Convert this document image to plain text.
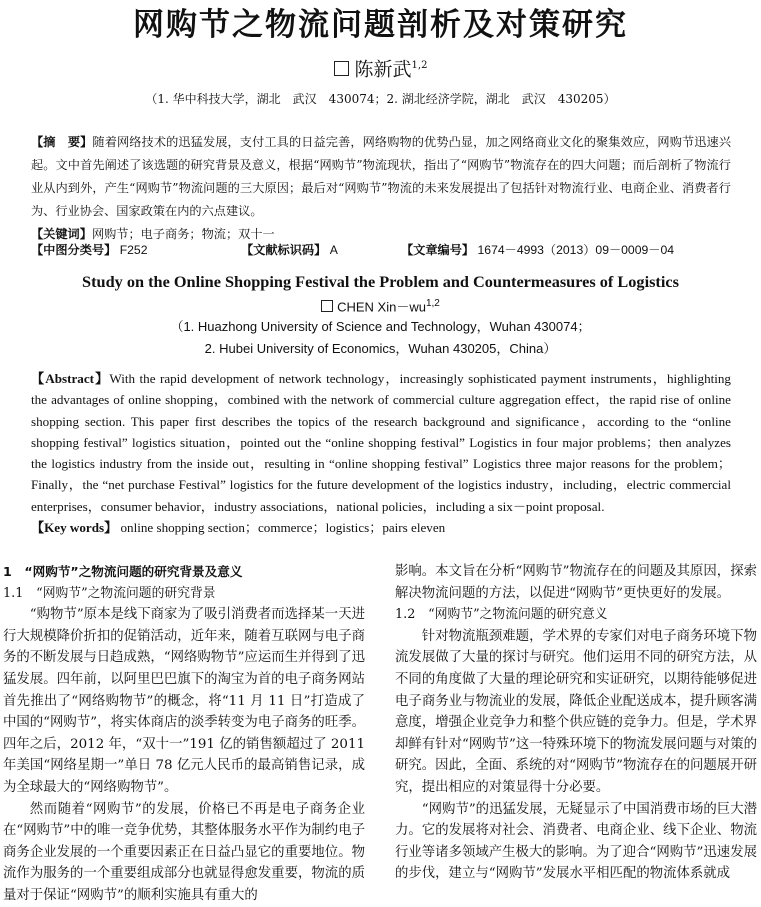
网购节之物流问题剖析及对策研究
陈新武$^{1,2}$
（1. 华中科技大学，湖北　武汉　430074；2. 湖北经济学院，湖北　武汉　430205）

【摘　要】随着网络技术的迅猛发展，支付工具的日益完善，网络购物的优势凸显，加之网络商业文化的聚集效应，网购节迅速兴起。文中首先阐述了该选题的研究背景及意义，根据“网购节”物流现状，指出了“网购节”物流存在的四大问题；而后剖析了物流行业从内到外，产生“网购节”物流问题的三大原因；最后对“网购节”物流的未来发展提出了包括针对物流行业、电商企业、消费者行为、行业协会、国家政策在内的六点建议。

【关键词】网购节；电子商务；物流；双十一

【中图分类号】 F252	【文献标识码】 A	【文章编号】 1674－4993（2013）09－0009－04
Study on the Online Shopping Festival the Problem and Countermeasures of Logistics
CHEN Xin－wu$^{1,2}$
（1. Huazhong University of Science and Technology，Wuhan 430074；
2. Hubei University of Economics，Wuhan 430205，China）

【Abstract】With the rapid development of network technology，increasingly sophisticated payment instruments，highlighting the advantages of online shopping，combined with the network of commercial culture aggregation effect，the rapid rise of online shopping section. This paper first describes the topics of the research background and significance，according to the “online shopping festival” logistics situation，pointed out the “online shopping festival” Logistics in four major problems；then analyzes the logistics industry from the inside out，resulting in “online shopping festival” Logistics three major reasons for the problem；Finally，the “net purchase Festival” logistics for the future development of the logistics industry，including，electric commercial enterprises，consumer behavior，industry associations，national policies，including a six－point proposal.

【Key words】 online shopping section；commerce；logistics；pairs eleven

1　“网购节”之物流问题的研究背景及意义

1.1　“网购节”之物流问题的研究背景

“购物节”原本是线下商家为了吸引消费者而选择某一天进行大规模降价折扣的促销活动，近年来，随着互联网与电子商务的不断发展与日趋成熟，“网络购物节”应运而生并得到了迅猛发展。四年前，以阿里巴巴旗下的淘宝为首的电子商务网站首先推出了“网络购物节”的概念，将“11 月 11 日”打造成了中国的“网购节”，将实体商店的淡季转变为电子商务的旺季。四年之后，2012 年，“双十一”191 亿的销售额超过了 2011 年美国“网络星期一”单日 78 亿元人民币的最高销售记录，成为全球最大的“网络购物节”。

然而随着“网购节”的发展，价格已不再是电子商务企业在“网购节”中的唯一竞争优势，其整体服务水平作为制约电子商务企业发展的一个重要因素正在日益凸显它的重要地位。物流作为服务的一个重要组成部分也就显得愈发重要，物流的质量对于保证“网购节”的顺利实施具有重大的

影响。本文旨在分析“网购节”物流存在的问题及其原因，探索解决物流问题的方法，以促进“网购节”更快更好的发展。

1.2　“网购节”之物流问题的研究意义

针对物流瓶颈难题，学术界的专家们对电子商务环境下物流发展做了大量的探讨与研究。他们运用不同的研究方法，从不同的角度做了大量的理论研究和实证研究，以期待能够促进电子商务业与物流业的发展，降低企业配送成本，提升顾客满意度，增强企业竞争力和整个供应链的竞争力。但是，学术界却鲜有针对“网购节”这一特殊环境下的物流发展问题与对策的研究。因此，全面、系统的对“网购节”物流存在的问题展开研究，提出相应的对策显得十分必要。

“网购节”的迅猛发展，无疑显示了中国消费市场的巨大潜力。它的发展将对社会、消费者、电商企业、线下企业、物流行业等诸多领域产生极大的影响。为了迎合“网购节”迅速发展的步伐，建立与“网购节”发展水平相匹配的物流体系就成
